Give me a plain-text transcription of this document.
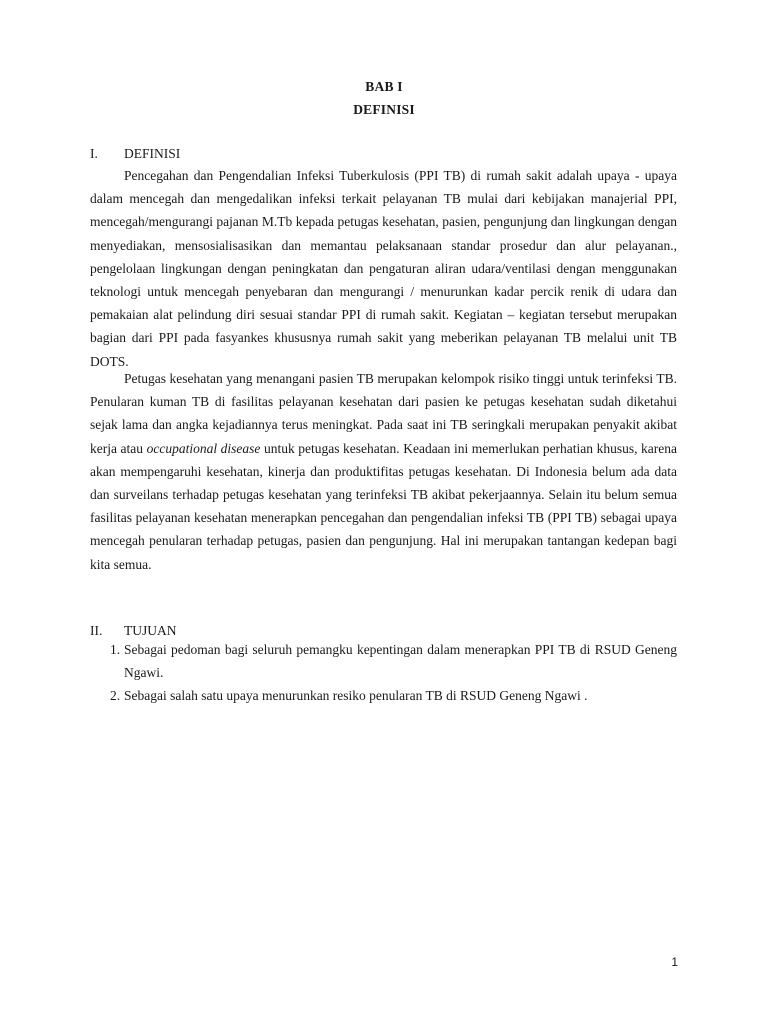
BAB I
DEFINISI
I. DEFINISI

Pencegahan dan Pengendalian Infeksi Tuberkulosis (PPI TB) di rumah sakit adalah upaya - upaya dalam mencegah dan mengedalikan infeksi terkait pelayanan TB mulai dari kebijakan manajerial PPI, mencegah/mengurangi pajanan M.Tb kepada petugas kesehatan, pasien, pengunjung dan lingkungan dengan menyediakan, mensosialisasikan dan memantau pelaksanaan standar prosedur dan alur pelayanan., pengelolaan lingkungan dengan peningkatan dan pengaturan aliran udara/ventilasi dengan menggunakan teknologi untuk mencegah penyebaran dan mengurangi / menurunkan kadar percik renik di udara dan pemakaian alat pelindung diri sesuai standar PPI di rumah sakit. Kegiatan – kegiatan tersebut merupakan bagian dari PPI pada fasyankes khususnya rumah sakit yang meberikan pelayanan TB melalui unit TB DOTS.

Petugas kesehatan yang menangani pasien TB merupakan kelompok risiko tinggi untuk terinfeksi TB. Penularan kuman TB di fasilitas pelayanan kesehatan dari pasien ke petugas kesehatan sudah diketahui sejak lama dan angka kejadiannya terus meningkat. Pada saat ini TB seringkali merupakan penyakit akibat kerja atau occupational disease untuk petugas kesehatan. Keadaan ini memerlukan perhatian khusus, karena akan mempengaruhi kesehatan, kinerja dan produktifitas petugas kesehatan. Di Indonesia belum ada data dan surveilans terhadap petugas kesehatan yang terinfeksi TB akibat pekerjaannya. Selain itu belum semua fasilitas pelayanan kesehatan menerapkan pencegahan dan pengendalian infeksi TB (PPI TB) sebagai upaya mencegah penularan terhadap petugas, pasien dan pengunjung. Hal ini merupakan tantangan kedepan bagi kita semua.

II. TUJUAN
1. Sebagai pedoman bagi seluruh pemangku kepentingan dalam menerapkan PPI TB di RSUD Geneng Ngawi.
2. Sebagai salah satu upaya menurunkan resiko penularan TB di RSUD Geneng Ngawi .
1
